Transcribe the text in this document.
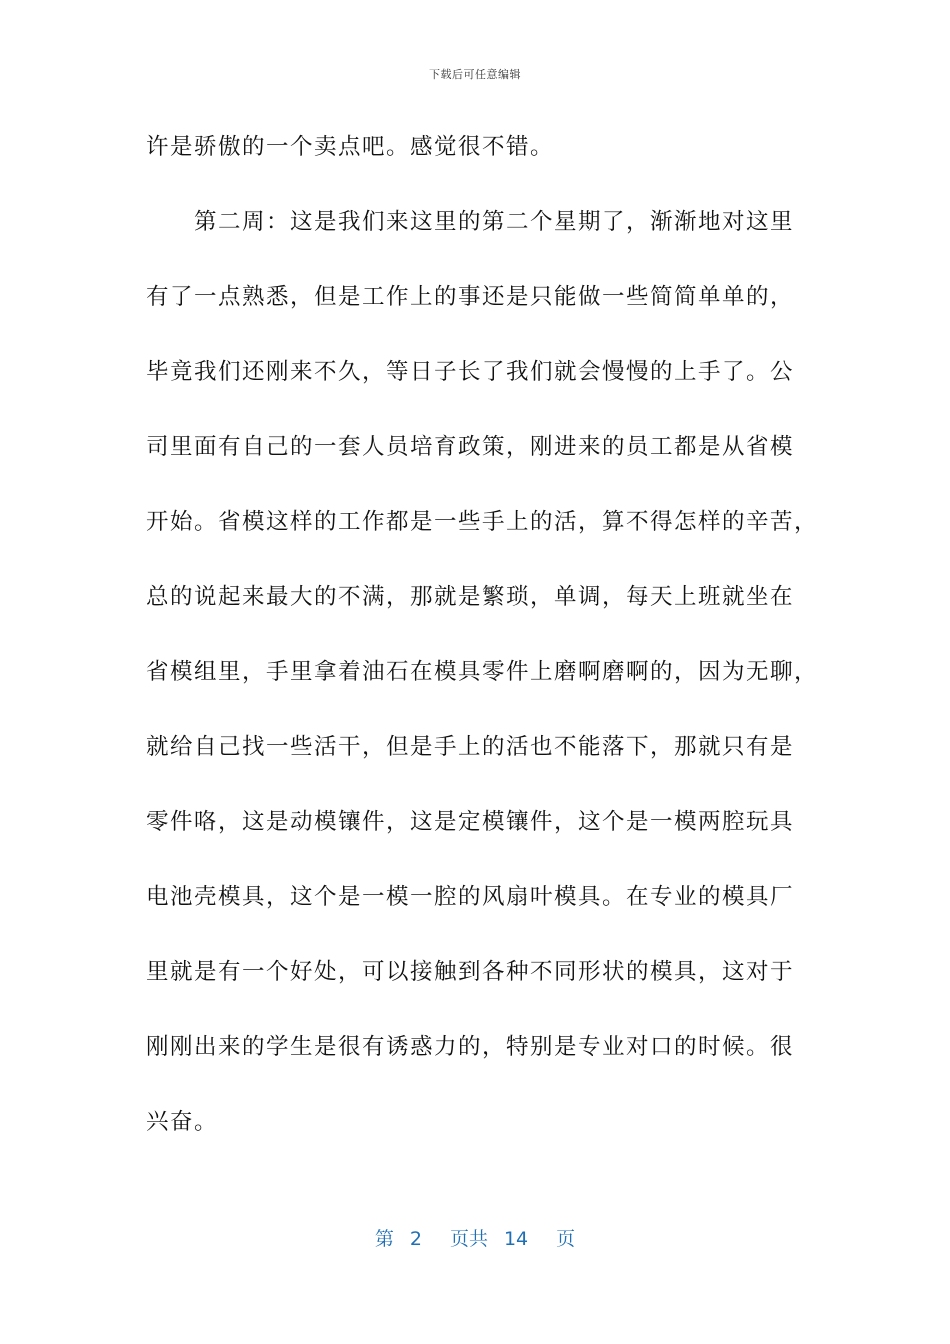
下载后可任意编辑
许是骄傲的一个卖点吧。感觉很不错。
　　第二周：这是我们来这里的第二个星期了，渐渐地对这里
有了一点熟悉，但是工作上的事还是只能做一些简简单单的，
毕竟我们还刚来不久，等日子长了我们就会慢慢的上手了。公
司里面有自己的一套人员培育政策，刚进来的员工都是从省模
开始。省模这样的工作都是一些手上的活，算不得怎样的辛苦，
总的说起来最大的不满，那就是繁琐，单调，每天上班就坐在
省模组里，手里拿着油石在模具零件上磨啊磨啊的，因为无聊，
就给自己找一些活干，但是手上的活也不能落下，那就只有是
零件咯，这是动模镶件，这是定模镶件，这个是一模两腔玩具
电池壳模具，这个是一模一腔的风扇叶模具。在专业的模具厂
里就是有一个好处，可以接触到各种不同形状的模具，这对于
刚刚出来的学生是很有诱惑力的，特别是专业对口的时候。很
兴奋。
第 2 页共 14 页
